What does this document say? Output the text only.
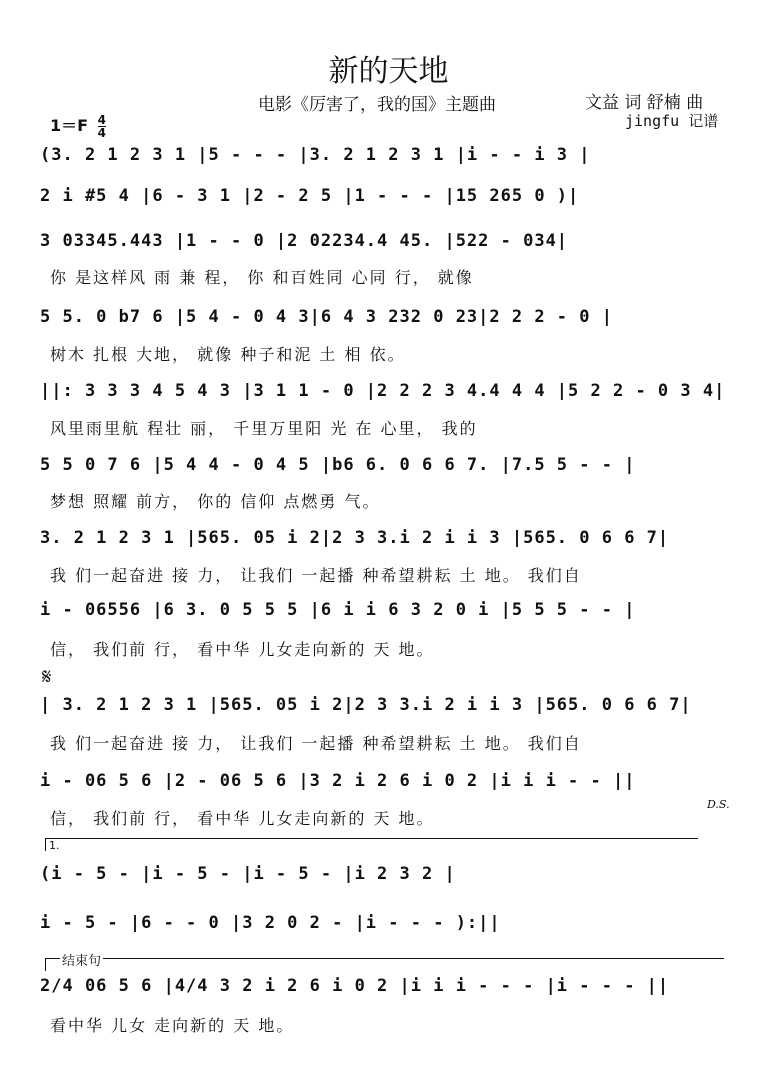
新的天地
电影《厉害了，我的国》主题曲	文益 词 舒楠 曲
jingfu 记谱
$1=F \frac{4}{4}$
(3. 2 1 2 3 1 |5 - - - |3. 2 1 2 3 1 |i - - i 3 |
2 i #5 4 |6 - 3 1 |2 - 2 5 |1 - - - |15 265 0 )|
3 03345.443 |1 - - 0 |2 02234.4 45. |522 - 034|
你 是这样风 雨 兼 程， 你 和百姓同 心同 行， 就像
5 5. 0 b7 6 |5 4 - 0 4 3|6 4 3 232 0 23|2 2 2 - 0 |
树木 扎根 大地， 就像 种子和泥 土 相 依。
||: 3 3 3 4 5 4 3 |3 1 1 - 0 |2 2 2 3 4.4 4 4 |5 2 2 - 0 3 4|
风里雨里航 程壮 丽， 千里万里阳 光 在 心里， 我的
5 5 0 7 6 |5 4 4 - 0 4 5 |b6 6. 0 6 6 7. |7.5 5 - - |
梦想 照耀 前方， 你的 信仰 点燃勇 气。
3. 2 1 2 3 1 |565. 05 i 2|2 3 3.i 2 i i 3 |565. 0 6 6 7|
我 们一起奋进 接 力， 让我们 一起播 种希望耕耘 土 地。 我们自
i - 06556 |6 3. 0 5 5 5 |6 i i 6 3 2 0 i |5 5 5 - - |
信， 我们前 行， 看中华 儿女走向新的 天 地。
𝄋
| 3. 2 1 2 3 1 |565. 05 i 2|2 3 3.i 2 i i 3 |565. 0 6 6 7|
我 们一起奋进 接 力， 让我们 一起播 种希望耕耘 土 地。 我们自
i - 06 5 6 |2 - 06 5 6 |3 2 i 2 6 i 0 2 |i i i - - ||
D.S.
信， 我们前 行， 看中华 儿女走向新的 天 地。
1.
(i - 5 - |i - 5 - |i - 5 - |i 2 3 2 |
i - 5 - |6 - - 0 |3 2 0 2 - |i - - - ):||
结束句
2/4 06 5 6 |4/4 3 2 i 2 6 i 0 2 |i i i - - - |i - - - ||
看中华 儿女 走向新的 天 地。
